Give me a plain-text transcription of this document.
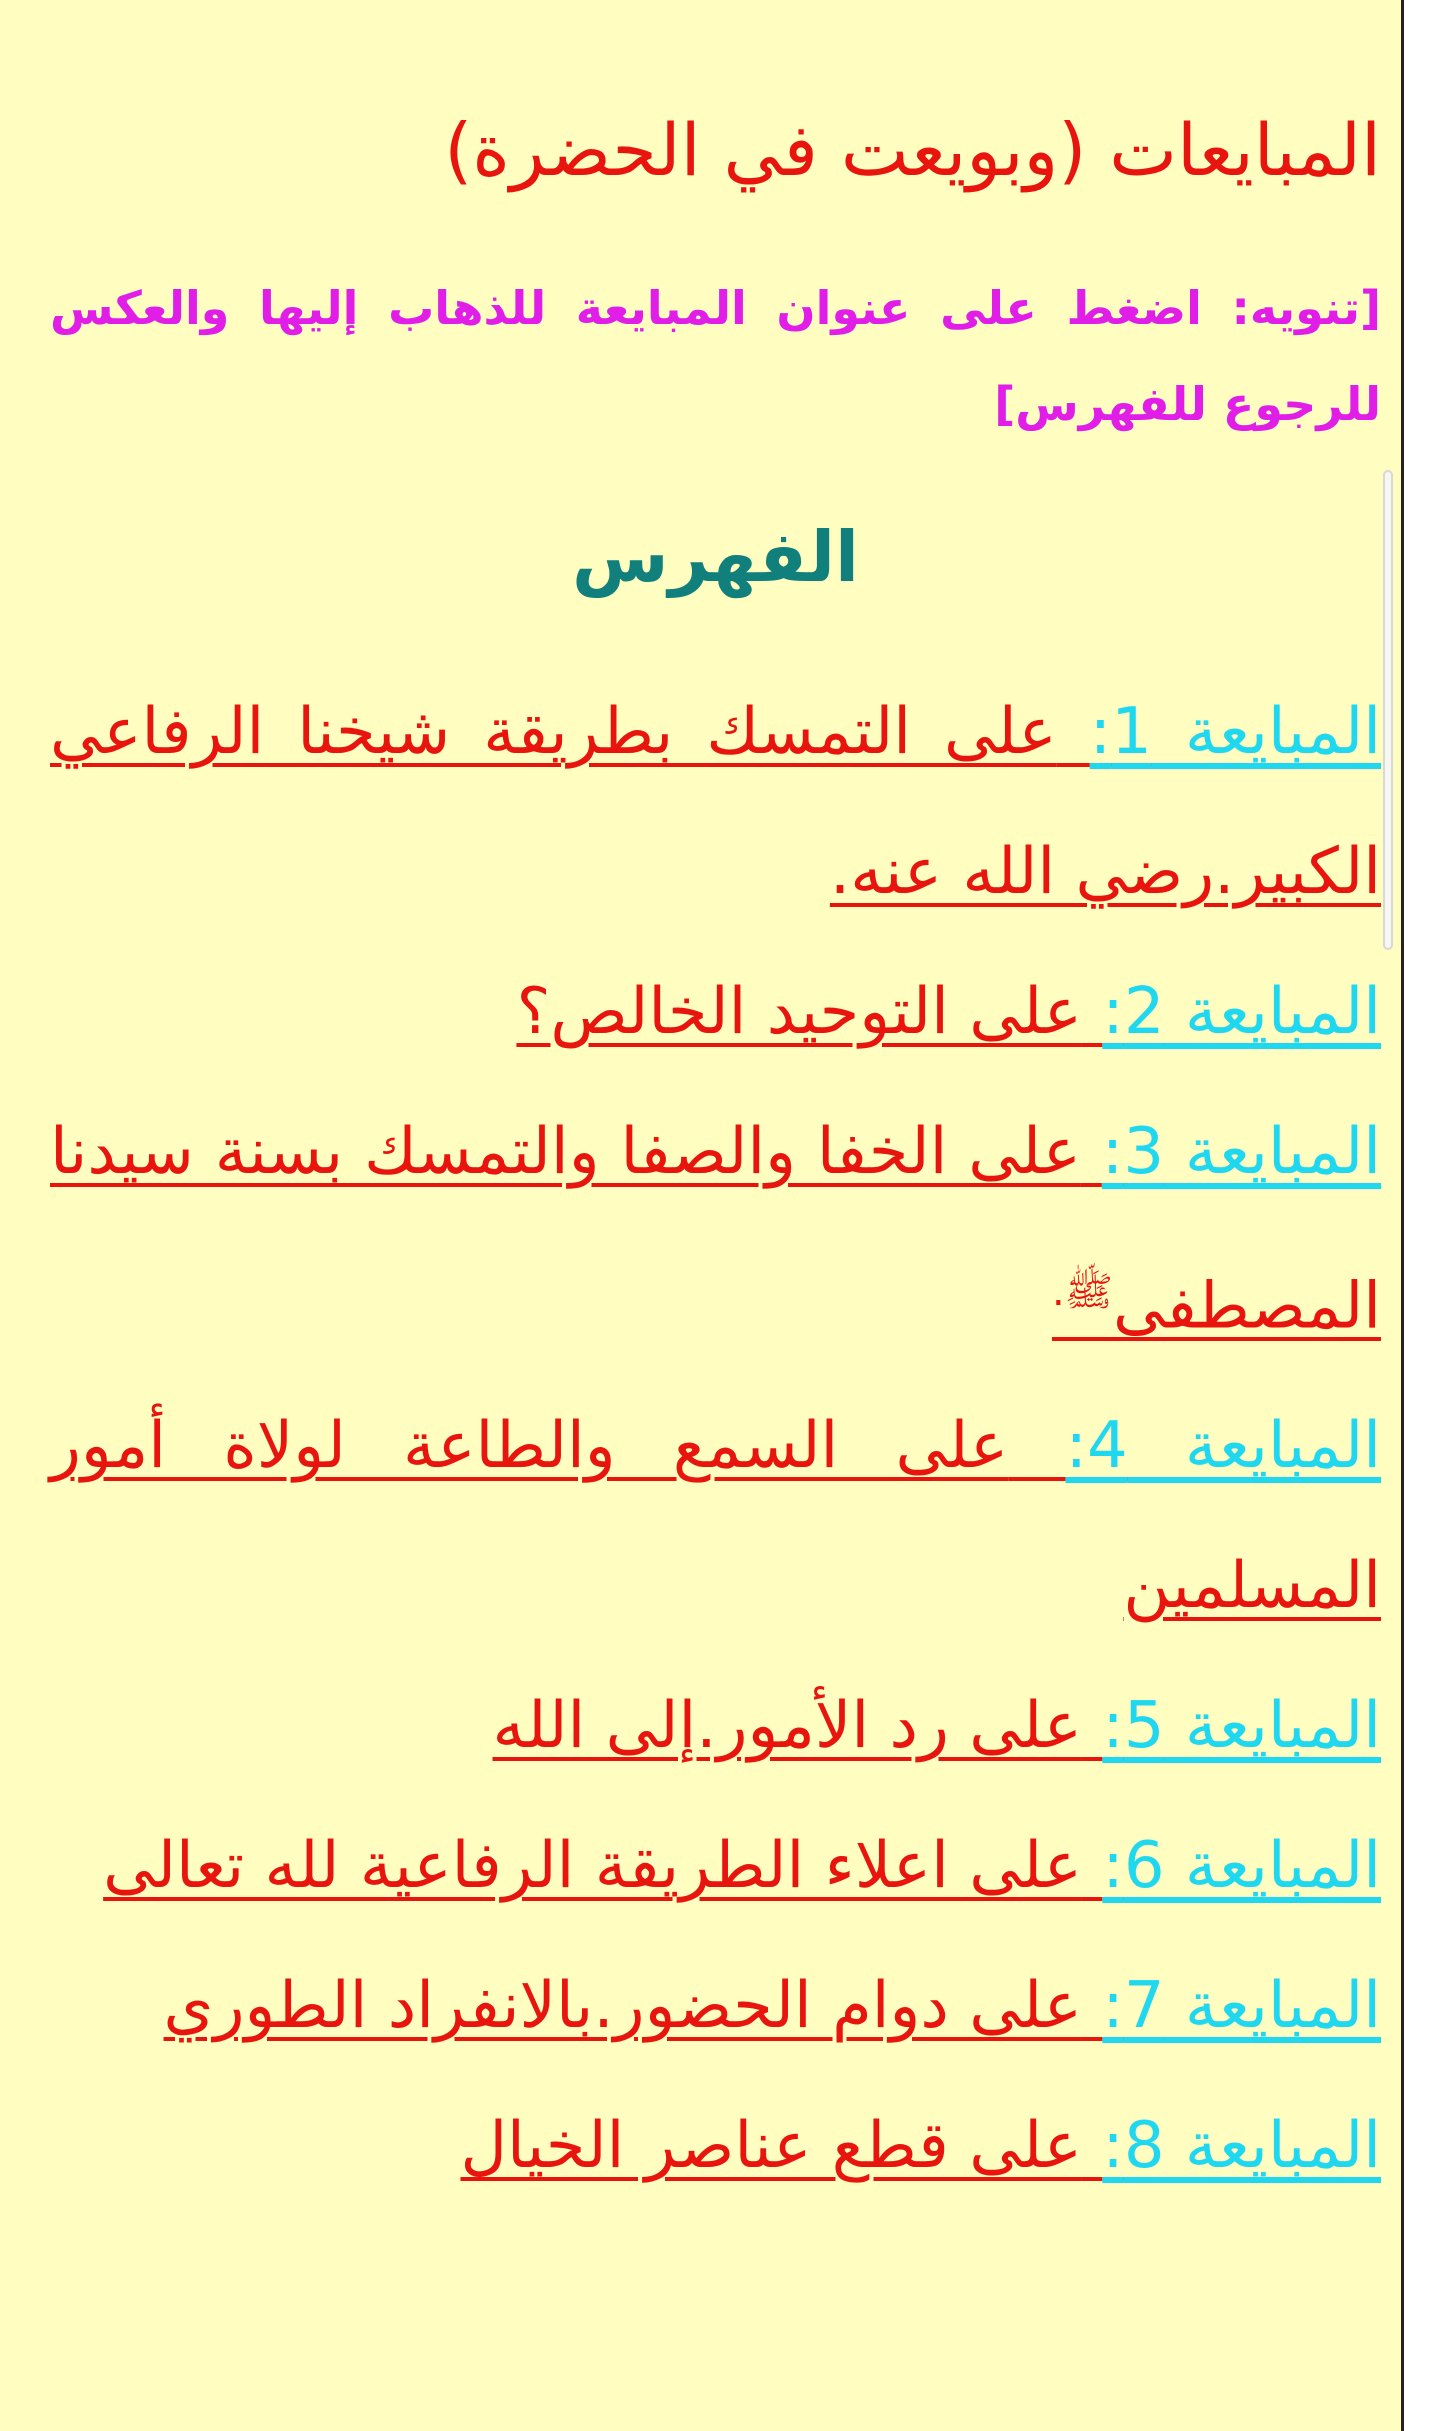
المبايعات (وبويعت في الحضرة)
[تنويه: اضغط على عنوان المبايعة للذهاب إليها والعكس للرجوع للفهرس]
الفهرس
المبايعة 1: على التمسك بطريقة شيخنا الرفاعي الكبير.رضي الله عنه.
المبايعة 2: على التوحيد الخالص؟
المبايعة 3: على الخفا والصفا والتمسك بسنة سيدنا المصطفى$^{ﷺ.}$
المبايعة 4: على السمع والطاعة لولاة أمور المسلمين
المبايعة 5: على رد الأمور.إلى الله
المبايعة 6: على اعلاء الطريقة الرفاعية لله تعالى
المبايعة 7: على دوام الحضور.بالانفراد الطوري
المبايعة 8: على قطع عناصر الخيال
